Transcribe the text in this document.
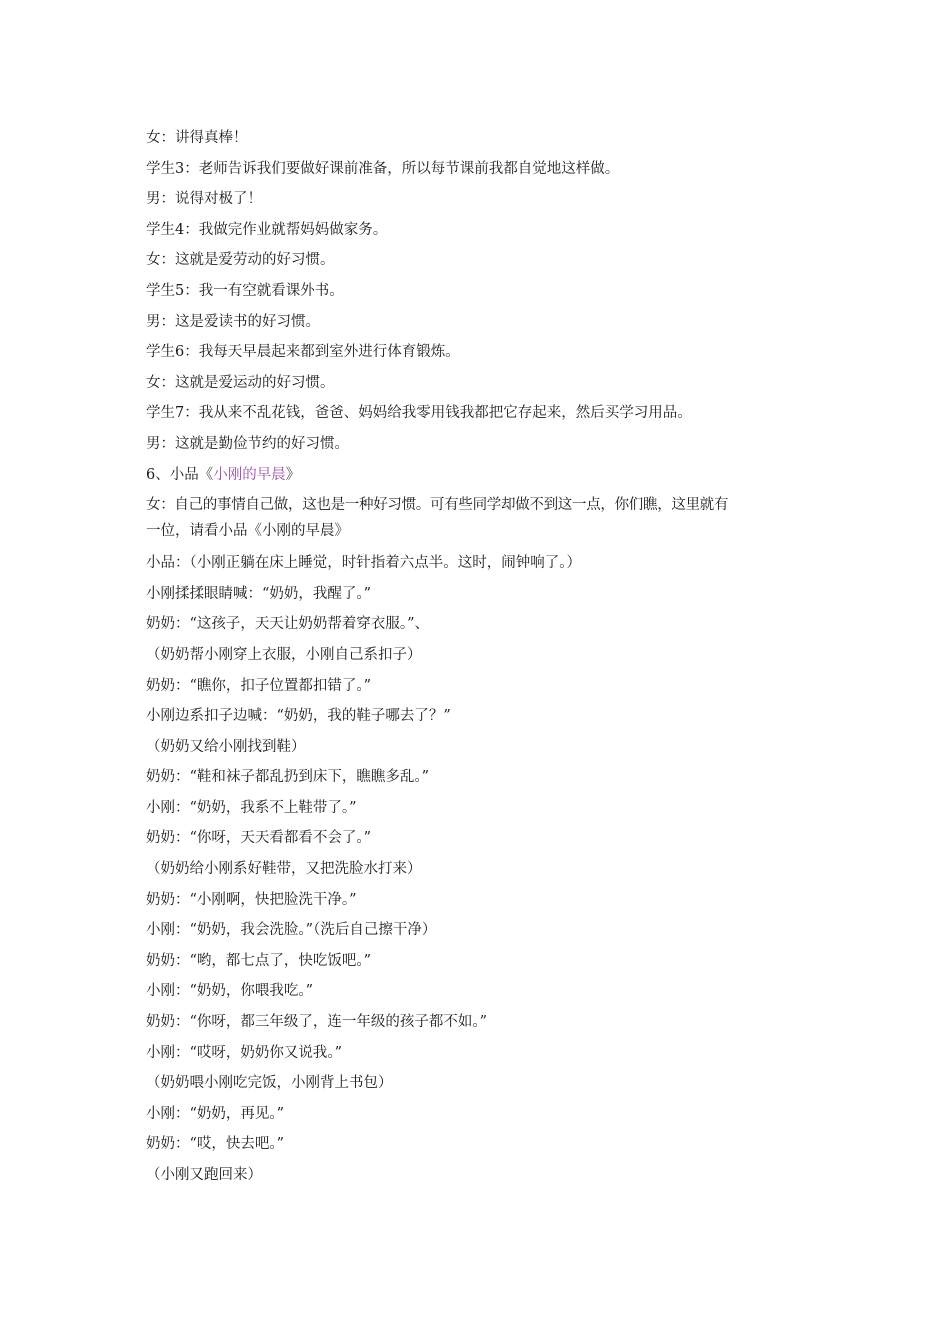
女：讲得真棒！
学生3：老师告诉我们要做好课前准备，所以每节课前我都自觉地这样做。
男：说得对极了！
学生4：我做完作业就帮妈妈做家务。
女：这就是爱劳动的好习惯。
学生5：我一有空就看课外书。
男：这是爱读书的好习惯。
学生6：我每天早晨起来都到室外进行体育锻炼。
女：这就是爱运动的好习惯。
学生7：我从来不乱花钱，爸爸、妈妈给我零用钱我都把它存起来，然后买学习用品。
男：这就是勤俭节约的好习惯。
6、小品《小刚的早晨》
女：自己的事情自己做，这也是一种好习惯。可有些同学却做不到这一点，你们瞧，这里就有
一位，请看小品《小刚的早晨》
小品：（小刚正躺在床上睡觉，时针指着六点半。这时，闹钟响了。）
小刚揉揉眼睛喊：“奶奶，我醒了。”
奶奶：“这孩子，天天让奶奶帮着穿衣服。”、
（奶奶帮小刚穿上衣服，小刚自己系扣子）
奶奶：“瞧你，扣子位置都扣错了。”
小刚边系扣子边喊：“奶奶，我的鞋子哪去了？”
（奶奶又给小刚找到鞋）
奶奶：“鞋和袜子都乱扔到床下，瞧瞧多乱。”
小刚：“奶奶，我系不上鞋带了。”
奶奶：“你呀，天天看都看不会了。”
（奶奶给小刚系好鞋带，又把洗脸水打来）
奶奶：“小刚啊，快把脸洗干净。”
小刚：“奶奶，我会洗脸。”（洗后自己擦干净）
奶奶：“哟，都七点了，快吃饭吧。”
小刚：“奶奶，你喂我吃。”
奶奶：“你呀，都三年级了，连一年级的孩子都不如。”
小刚：“哎呀，奶奶你又说我。”
（奶奶喂小刚吃完饭，小刚背上书包）
小刚：“奶奶，再见。”
奶奶：“哎，快去吧。”
（小刚又跑回来）
